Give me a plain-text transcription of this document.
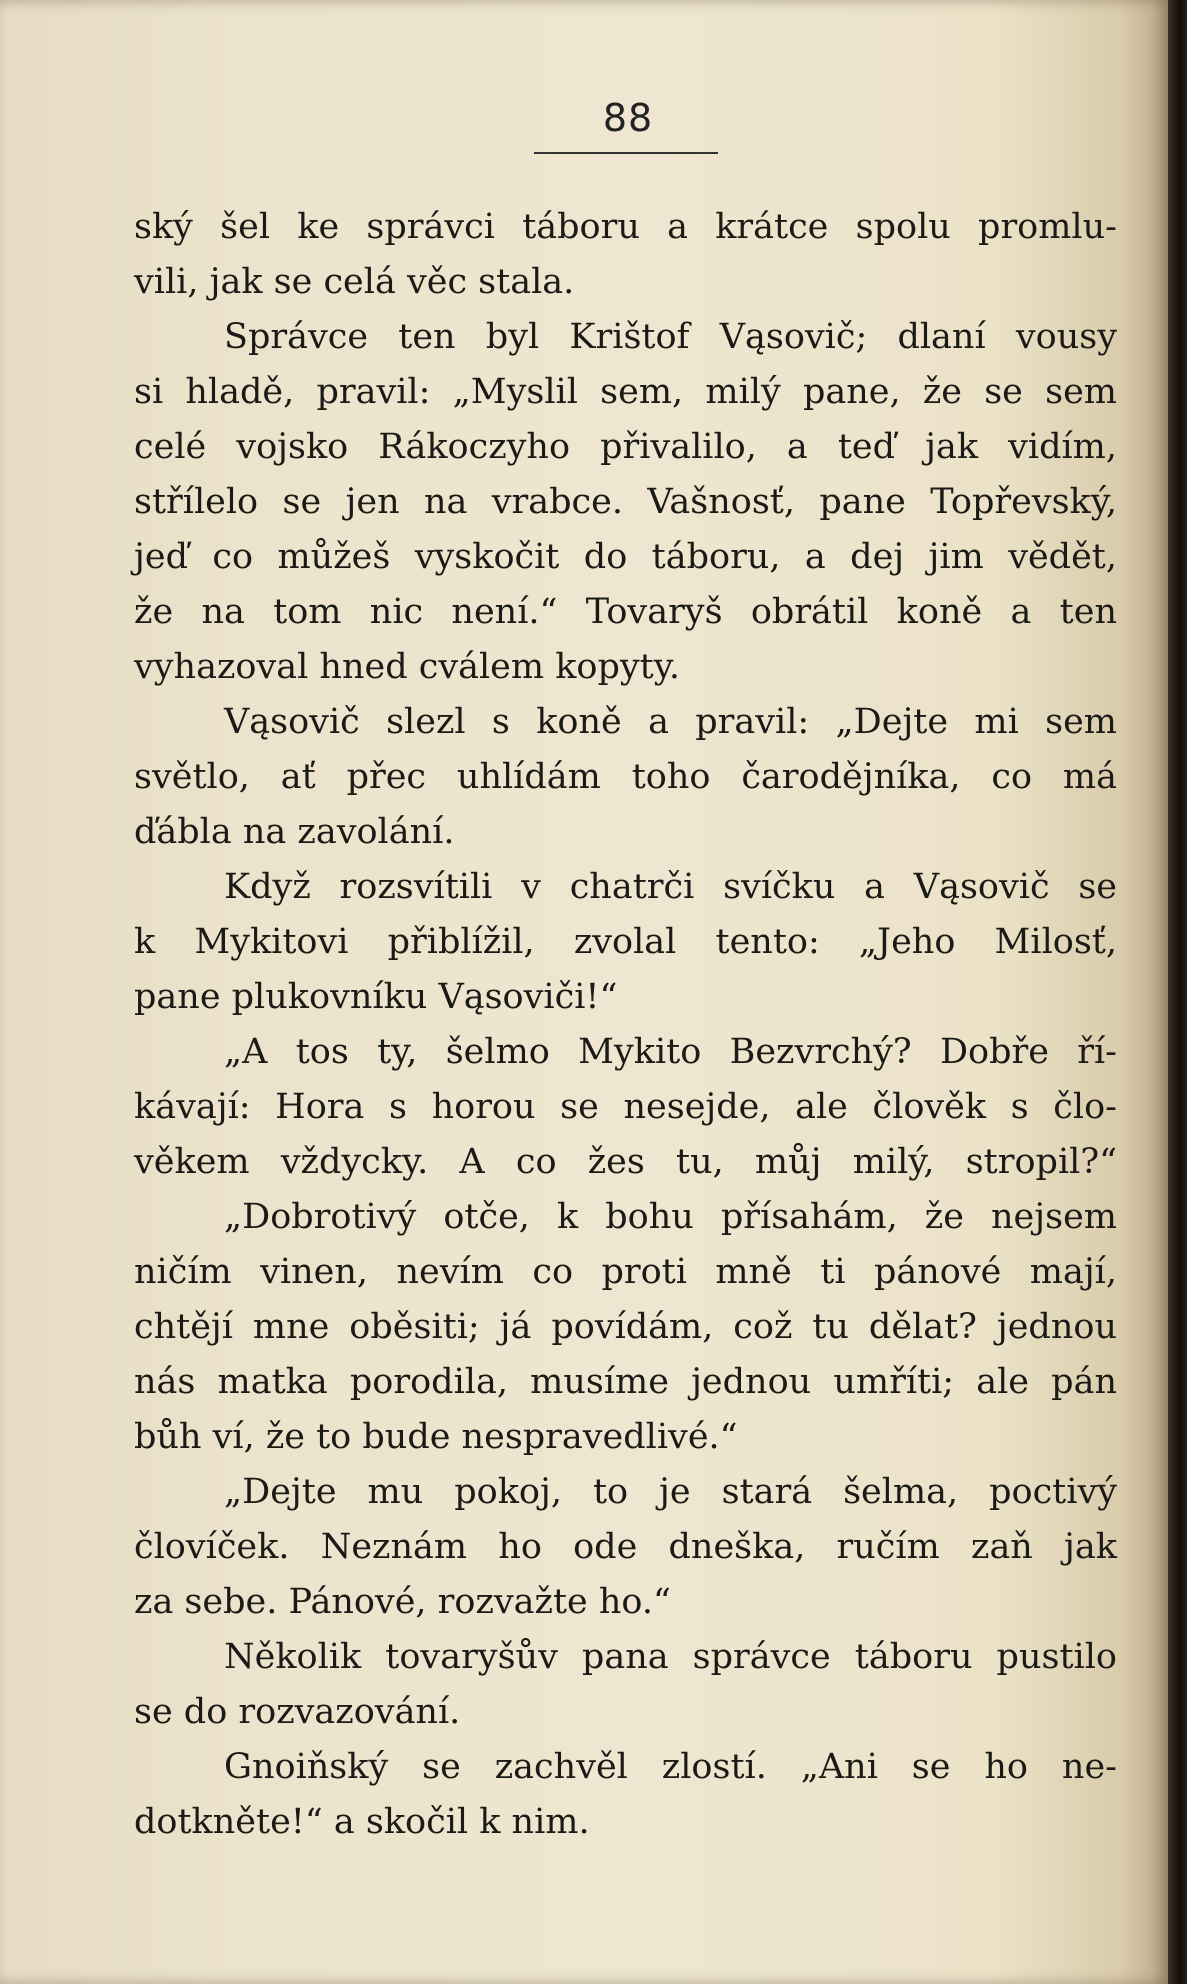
88
ský šel ke správci táboru a krátce spolu promlu-
vili, jak se celá věc stala.
Správce ten byl Krištof Vąsovič; dlaní vousy
si hladě, pravil: „Myslil sem, milý pane, že se sem
celé vojsko Rákoczyho přivalilo, a teď jak vidím,
střílelo se jen na vrabce. Vašnosť, pane Topřevský,
jeď co můžeš vyskočit do táboru, a dej jim vědět,
že na tom nic není.“ Tovaryš obrátil koně a ten
vyhazoval hned cválem kopyty.
Vąsovič slezl s koně a pravil: „Dejte mi sem
světlo, ať přec uhlídám toho čarodějníka, co má
ďábla na zavolání.
Když rozsvítili v chatrči svíčku a Vąsovič se
k Mykitovi přiblížil, zvolal tento: „Jeho Milosť,
pane plukovníku Vąsoviči!“
„A tos ty, šelmo Mykito Bezvrchý? Dobře ří-
kávají: Hora s horou se nesejde, ale člověk s člo-
věkem vždycky. A co žes tu, můj milý, stropil?“
„Dobrotivý otče, k bohu přísahám, že nejsem
ničím vinen, nevím co proti mně ti pánové mají,
chtějí mne oběsiti; já povídám, což tu dělat? jednou
nás matka porodila, musíme jednou umříti; ale pán
bůh ví, že to bude nespravedlivé.“
„Dejte mu pokoj, to je stará šelma, poctivý
človíček. Neznám ho ode dneška, ručím zaň jak
za sebe. Pánové, rozvažte ho.“
Několik tovaryšův pana správce táboru pustilo
se do rozvazování.
Gnoiňský se zachvěl zlostí. „Ani se ho ne-
dotkněte!“ a skočil k nim.
